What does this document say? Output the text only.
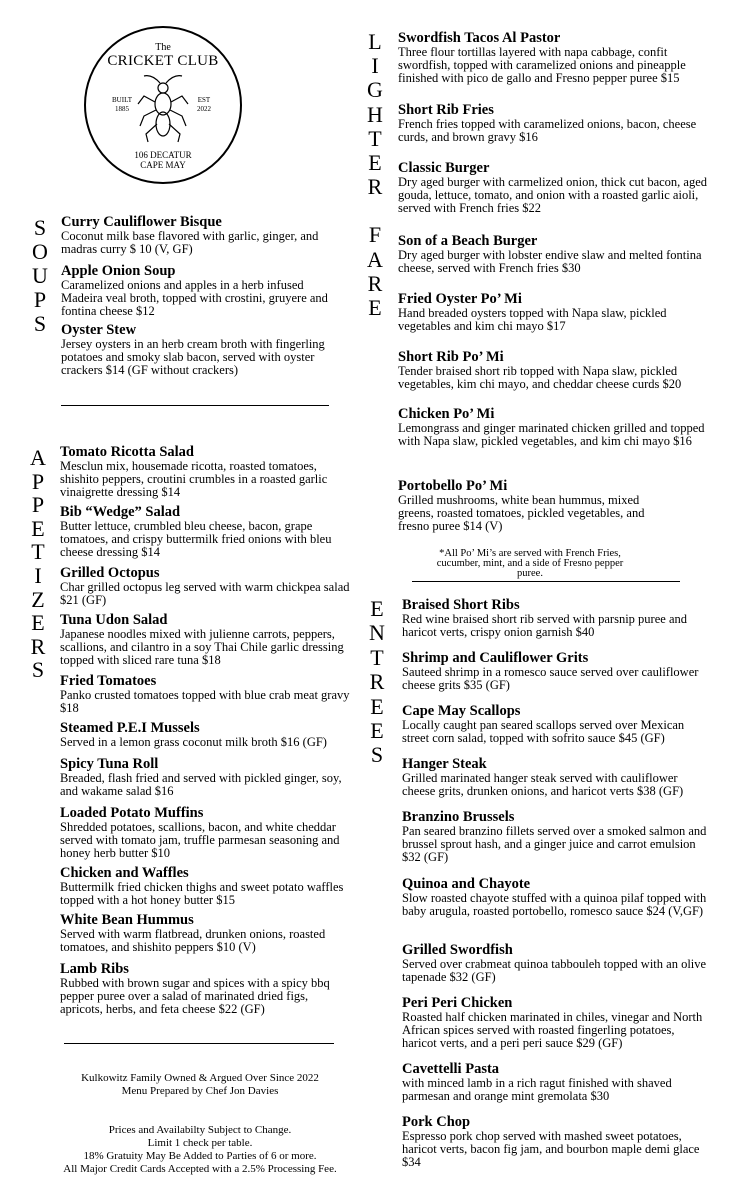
The
CRICKET CLUB
BUILT
1885
EST
2022
106 DECATUR
CAPE MAY
S
O
U
P
S

Curry Cauliflower Bisque

Coconut milk base flavored with garlic, ginger, and madras curry $ 10 (V, GF)

Apple Onion Soup

Caramelized onions and apples in a herb infused Madeira veal broth, topped with crostini, gruyere and fontina cheese $12

Oyster Stew

Jersey oysters in an herb cream broth with fingerling potatoes and smoky slab bacon, served with oyster crackers $14 (GF without crackers)

A
P
P
E
T
I
Z
E
R
S

Tomato Ricotta Salad

Mesclun mix, housemade ricotta, roasted tomatoes, shishito peppers, croutini crumbles in a roasted garlic vinaigrette dressing $14

Bib “Wedge” Salad

Butter lettuce, crumbled bleu cheese, bacon, grape tomatoes, and crispy buttermilk fried onions with bleu cheese dressing $14

Grilled Octopus

Char grilled octopus leg served with warm chickpea salad $21 (GF)

Tuna Udon Salad

Japanese noodles mixed with julienne carrots, peppers, scallions, and cilantro in a soy Thai Chile garlic dressing topped with sliced rare tuna $18

Fried Tomatoes

Panko crusted tomatoes topped with blue crab meat gravy $18

Steamed P.E.I Mussels

Served in a lemon grass coconut milk broth $16 (GF)

Spicy Tuna Roll

Breaded, flash fried and served with pickled ginger, soy, and wakame salad $16

Loaded Potato Muffins

Shredded potatoes, scallions, bacon, and white cheddar served with tomato jam, truffle parmesan seasoning and honey herb butter $10

Chicken and Waffles

Buttermilk fried chicken thighs and sweet potato waffles topped with a hot honey butter $15

White Bean Hummus

Served with warm flatbread, drunken onions, roasted tomatoes, and shishito peppers $10 (V)

Lamb Ribs

Rubbed with brown sugar and spices with a spicy bbq pepper puree over a salad of marinated dried figs, apricots, herbs, and feta cheese $22 (GF)

Kulkowitz Family Owned & Argued Over Since 2022
Menu Prepared by Chef Jon Davies
Prices and Availabilty Subject to Change.
Limit 1 check per table.
18% Gratuity May Be Added to Parties of 6 or more.
All Major Credit Cards Accepted with a 2.5% Processing Fee.
L
I
G
H
T
E
R
F
A
R
E

Swordfish Tacos Al Pastor

Three flour tortillas layered with napa cabbage, confit swordfish, topped with caramelized onions and pineapple finished with pico de gallo and Fresno pepper puree $15

Short Rib Fries

French fries topped with caramelized onions, bacon, cheese curds, and brown gravy $16

Classic Burger

Dry aged burger with carmelized onion, thick cut bacon, aged gouda, lettuce, tomato, and onion with a roasted garlic aioli, served with French fries $22

Son of a Beach Burger

Dry aged burger with lobster endive slaw and melted fontina cheese, served with French fries $30

Fried Oyster Po’ Mi

Hand breaded oysters topped with Napa slaw, pickled vegetables and kim chi mayo $17

Short Rib Po’ Mi

Tender braised short rib topped with Napa slaw, pickled vegetables, kim chi mayo, and cheddar cheese curds $20

Chicken Po’ Mi

Lemongrass and ginger marinated chicken grilled and topped with Napa slaw, pickled vegetables, and kim chi mayo $16

Portobello Po’ Mi

Grilled mushrooms, white bean hummus, mixed greens, roasted tomatoes, pickled vegetables, and fresno puree $14 (V)

*All Po’ Mi’s are served with French Fries, cucumber, mint, and a side of Fresno pepper puree.
E
N
T
R
E
E
S

Braised Short Ribs

Red wine braised short rib served with parsnip puree and haricot verts, crispy onion garnish $40

Shrimp and Cauliflower Grits

Sauteed shrimp in a romesco sauce served over cauliflower cheese grits $35 (GF)

Cape May Scallops

Locally caught pan seared scallops served over Mexican street corn salad, topped with sofrito sauce $45 (GF)

Hanger Steak

Grilled marinated hanger steak served with cauliflower cheese grits, drunken onions, and haricot verts $38 (GF)

Branzino Brussels

Pan seared branzino fillets served over a smoked salmon and brussel sprout hash, and a ginger juice and carrot emulsion $32 (GF)

Quinoa and Chayote

Slow roasted chayote stuffed with a quinoa pilaf topped with baby arugula, roasted portobello, romesco sauce $24 (V,GF)

Grilled Swordfish

Served over crabmeat quinoa tabbouleh topped with an olive tapenade $32 (GF)

Peri Peri Chicken

Roasted half chicken marinated in chiles, vinegar and North African spices served with roasted fingerling potatoes, haricot verts, and a peri peri sauce $29 (GF)

Cavettelli Pasta

with minced lamb in a rich ragut finished with shaved parmesan and orange mint gremolata $30

Pork Chop

Espresso pork chop served with mashed sweet potatoes, haricot verts, bacon fig jam, and bourbon maple demi glace $34
